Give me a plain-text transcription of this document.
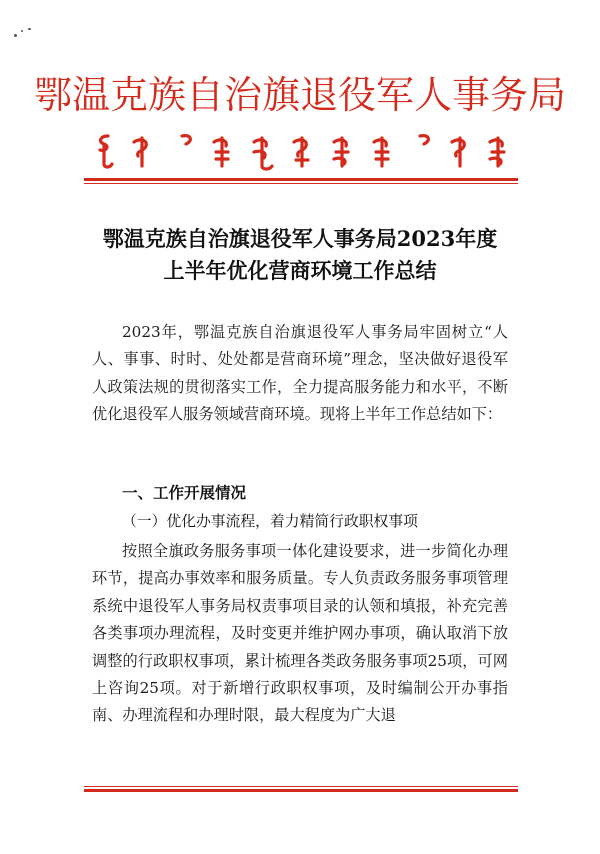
鄂温克族自治旗退役军人事务局
鄂温克族自治旗退役军人事务局2023年度
上半年优化营商环境工作总结
2023年，鄂温克族自治旗退役军人事务局牢固树立“人人、事事、时时、处处都是营商环境”理念，坚决做好退役军人政策法规的贯彻落实工作，全力提高服务能力和水平，不断优化退役军人服务领域营商环境。现将上半年工作总结如下：
一、工作开展情况
（一）优化办事流程，着力精简行政职权事项
按照全旗政务服务事项一体化建设要求，进一步简化办理环节，提高办事效率和服务质量。专人负责政务服务事项管理系统中退役军人事务局权责事项目录的认领和填报，补充完善各类事项办理流程，及时变更并维护网办事项，确认取消下放调整的行政职权事项，累计梳理各类政务服务事项25项，可网上咨询25项。对于新增行政职权事项，及时编制公开办事指南、办理流程和办理时限，最大程度为广大退
